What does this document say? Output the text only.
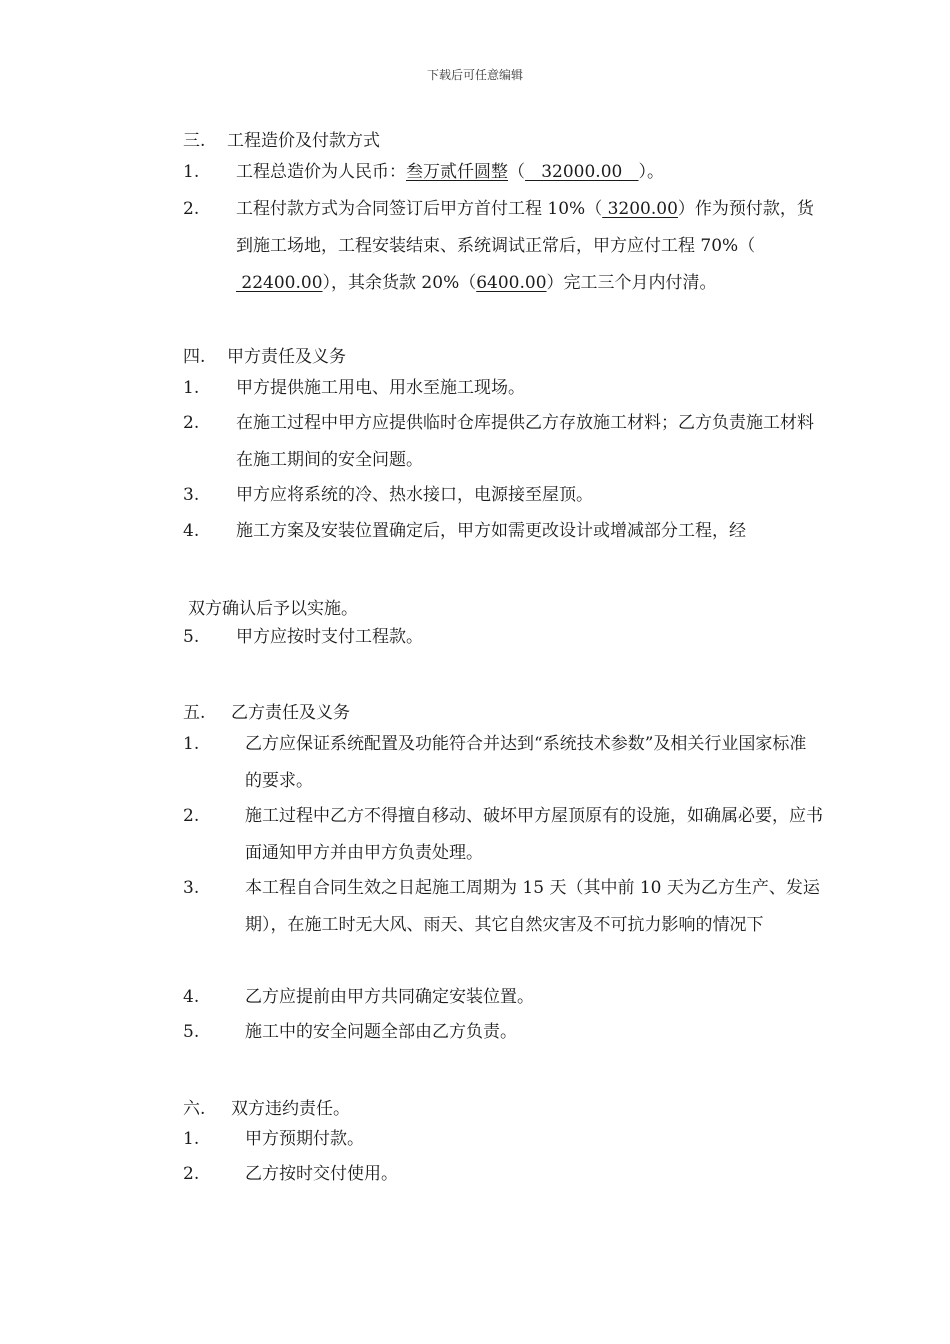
下载后可任意编辑
三. 工程造价及付款方式
1. 工程总造价为人民币：叁万贰仟圆整（   32000.00   ）。
2. 工程付款方式为合同签订后甲方首付工程 10%（ 3200.00）作为预付款，货到施工场地，工程安装结束、系统调试正常后，甲方应付工程 70%（ 22400.00），其余货款 20%（6400.00）完工三个月内付清。
四. 甲方责任及义务
1. 甲方提供施工用电、用水至施工现场。
2. 在施工过程中甲方应提供临时仓库提供乙方存放施工材料；乙方负责施工材料在施工期间的安全问题。
3. 甲方应将系统的冷、热水接口，电源接至屋顶。
4. 施工方案及安装位置确定后，甲方如需更改设计或增减部分工程，经
双方确认后予以实施。
5. 甲方应按时支付工程款。
五. 乙方责任及义务
1.	乙方应保证系统配置及功能符合并达到“系统技术参数”及相关行业国家标准的要求。
2.	施工过程中乙方不得擅自移动、破坏甲方屋顶原有的设施，如确属必要，应书面通知甲方并由甲方负责处理。
3.	本工程自合同生效之日起施工周期为 15 天（其中前 10 天为乙方生产、发运期），在施工时无大风、雨天、其它自然灾害及不可抗力影响的情况下
4.	乙方应提前由甲方共同确定安装位置。
5.	施工中的安全问题全部由乙方负责。
六. 双方违约责任。
1.	甲方预期付款。
2.	乙方按时交付使用。
